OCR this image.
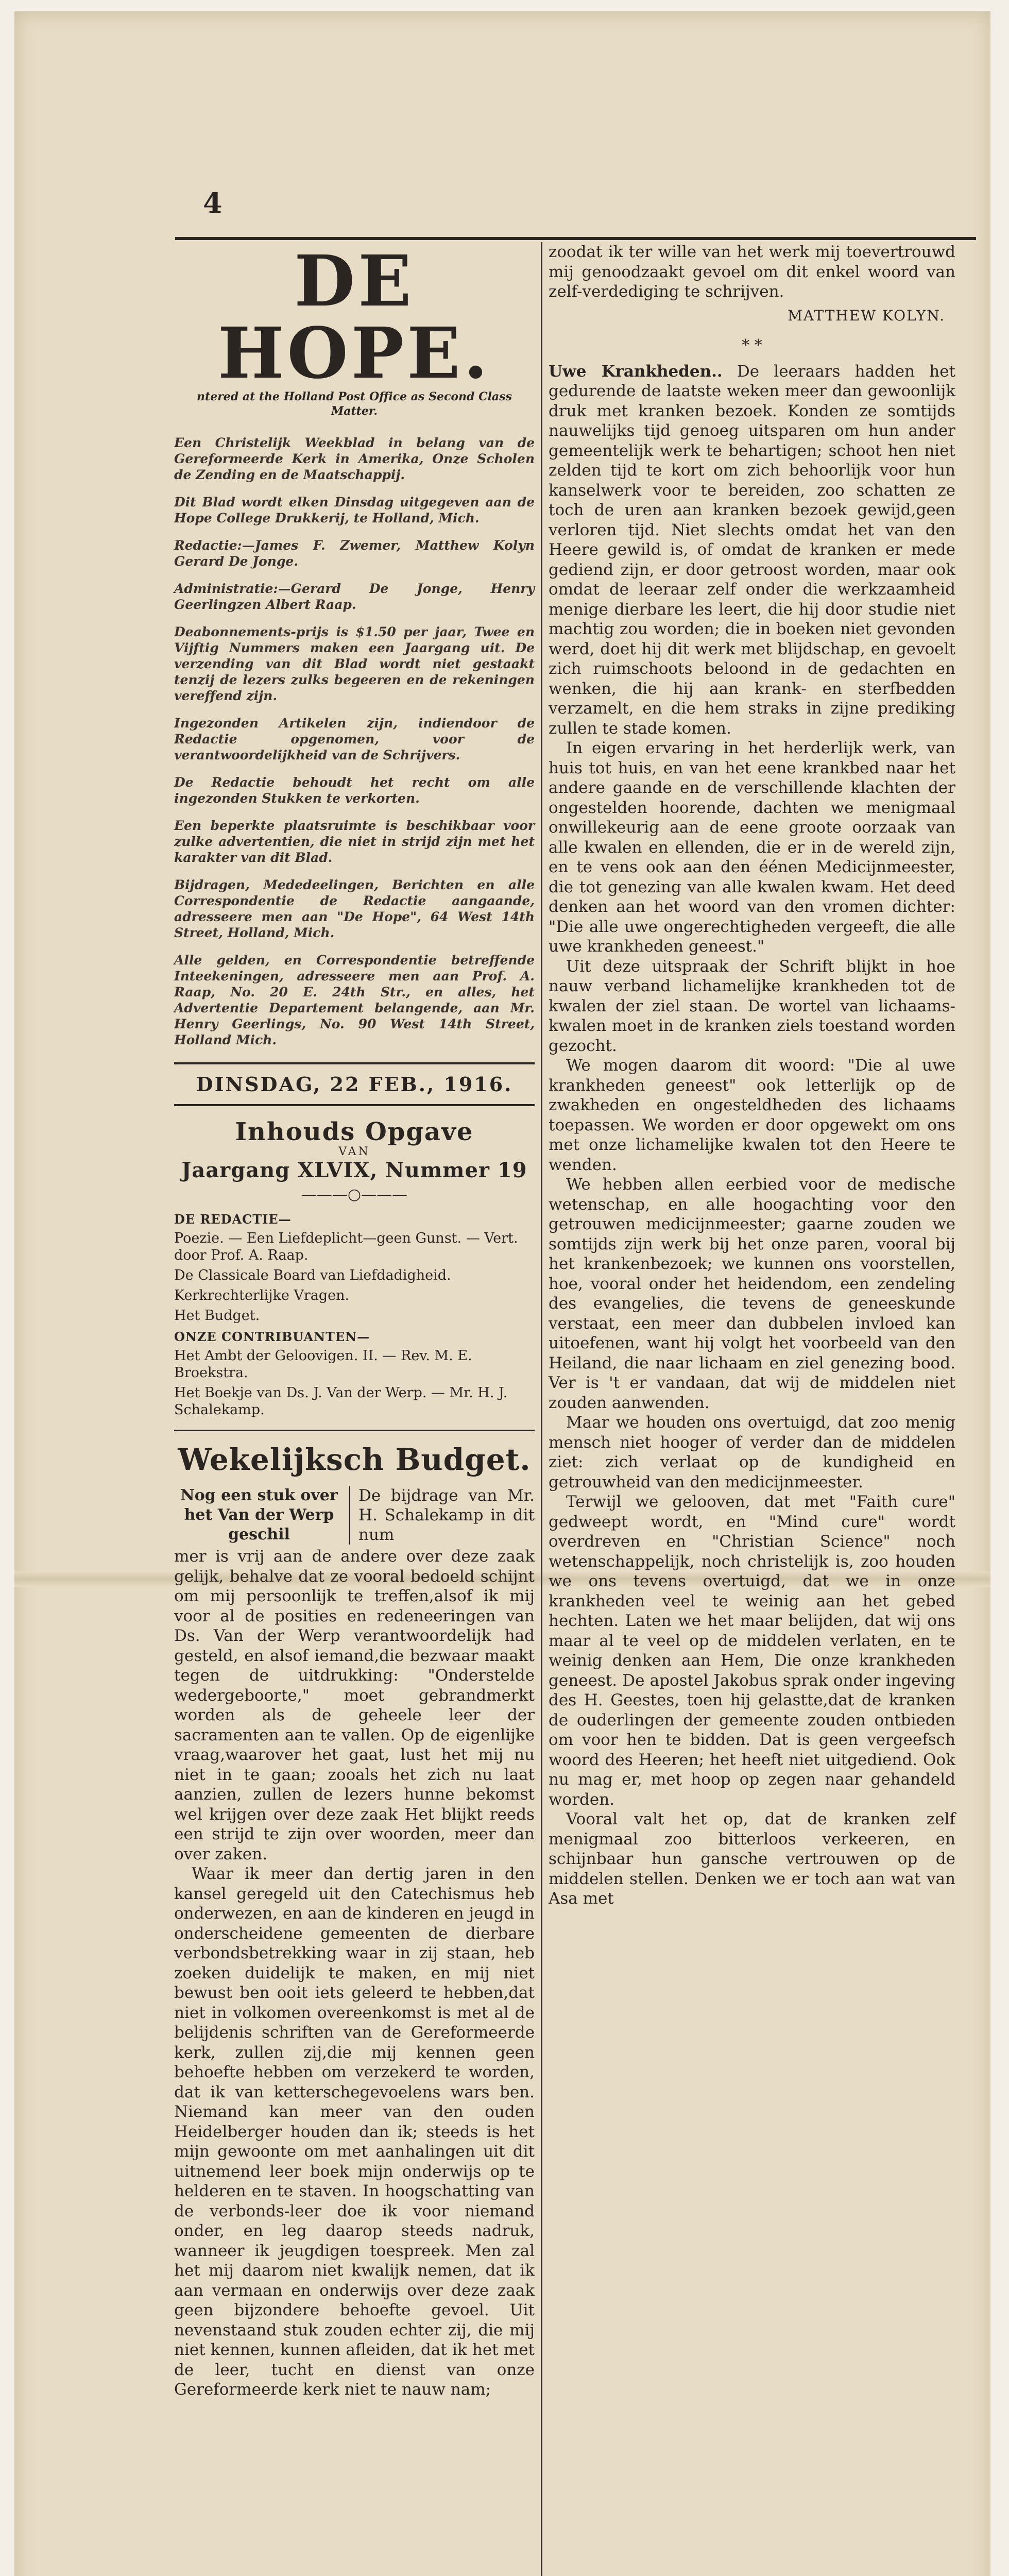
4
DE HOPE.
ntered at the Holland Post Office as Second Class Matter.

Een Christelijk Weekblad in belang van de Gereformeerde Kerk in Amerika, Onze Scholen de Zending en de Maatschappij.

Dit Blad wordt elken Dinsdag uitgegeven aan de Hope College Drukkerij, te Holland, Mich.

Redactie:—James F. Zwemer, Matthew Kolyn Gerard De Jonge.

Administratie:—Gerard De Jonge, Henry Geerlingzen Albert Raap.

Deabonnements-prijs is $1.50 per jaar, Twee en Vijftig Nummers maken een Jaargang uit. De verzending van dit Blad wordt niet gestaakt tenzij de lezers zulks begeeren en de rekeningen vereffend zijn.

Ingezonden Artikelen zijn, indiendoor de Redactie opgenomen, voor de verantwoordelijkheid van de Schrijvers.

De Redactie behoudt het recht om alle ingezonden Stukken te verkorten.

Een beperkte plaatsruimte is beschikbaar voor zulke advertentien, die niet in strijd zijn met het karakter van dit Blad.

Bijdragen, Mededeelingen, Berichten en alle Correspondentie de Redactie aangaande, adresseere men aan "De Hope", 64 West 14th Street, Holland, Mich.

Alle gelden, en Correspondentie betreffende Inteekeningen, adresseere men aan Prof. A. Raap, No. 20 E. 24th Str., en alles, het Advertentie Departement belangende, aan Mr. Henry Geerlings, No. 90 West 14th Street, Holland Mich.

DINSDAG, 22 FEB., 1916.
Inhouds Opgave
VAN
Jaargang XLVIX, Nummer 19
———○———
DE REDACTIE—
Poezie. — Een Liefdeplicht—geen Gunst. — Vert. door Prof. A. Raap.
De Classicale Board van Liefdadigheid.
Kerkrechterlijke Vragen.
Het Budget.
ONZE CONTRIBUANTEN—
Het Ambt der Geloovigen. II. — Rev. M. E. Broekstra.
Het Boekje van Ds. J. Van der Werp. — Mr. H. J. Schalekamp.
Wekelijksch Budget.
Nog een stuk over het Van der Werp geschil
De bijdrage van Mr. H. Schalekamp in dit num

mer is vrij aan de andere over deze zaak gelijk, behalve dat ze vooral bedoeld schijnt om mij persoonlijk te treffen,alsof ik mij voor al de posities en redeneeringen van Ds. Van der Werp verantwoordelijk had gesteld, en alsof iemand,die bezwaar maakt tegen de uitdrukking: "Onderstelde wedergeboorte," moet gebrandmerkt worden als de geheele leer der sacramenten aan te vallen. Op de eigenlijke vraag,waarover het gaat, lust het mij nu niet in te gaan; zooals het zich nu laat aanzien, zullen de lezers hunne bekomst wel krijgen over deze zaak Het blijkt reeds een strijd te zijn over woorden, meer dan over zaken.

Waar ik meer dan dertig jaren in den kansel geregeld uit den Catechismus heb onderwezen, en aan de kinderen en jeugd in onderscheidene gemeenten de dierbare verbondsbetrekking waar in zij staan, heb zoeken duidelijk te maken, en mij niet bewust ben ooit iets geleerd te hebben,dat niet in volkomen overeenkomst is met al de belijdenis schriften van de Gereformeerde kerk, zullen zij,die mij kennen geen behoefte hebben om verzekerd te worden, dat ik van ketterschegevoelens wars ben. Niemand kan meer van den ouden Heidelberger houden dan ik; steeds is het mijn gewoonte om met aanhalingen uit dit uitnemend leer boek mijn onderwijs op te helderen en te staven. In hoogschatting van de verbonds-leer doe ik voor niemand onder, en leg daarop steeds nadruk, wanneer ik jeugdigen toespreek. Men zal het mij daarom niet kwalijk nemen, dat ik aan vermaan en onderwijs over deze zaak geen bijzondere behoefte gevoel. Uit nevenstaand stuk zouden echter zij, die mij niet kennen, kunnen afleiden, dat ik het met de leer, tucht en dienst van onze Gereformeerde kerk niet te nauw nam;

zoodat ik ter wille van het werk mij toevertrouwd mij genoodzaakt gevoel om dit enkel woord van zelf-verdediging te schrijven.

MATTHEW KOLYN.
* *

Uwe Krankheden.. De leeraars hadden het gedurende de laatste weken meer dan gewoonlijk druk met kranken bezoek. Konden ze somtijds nauwelijks tijd genoeg uitsparen om hun ander gemeentelijk werk te behartigen; schoot hen niet zelden tijd te kort om zich behoorlijk voor hun kanselwerk voor te bereiden, zoo schatten ze toch de uren aan kranken bezoek gewijd,geen verloren tijd. Niet slechts omdat het van den Heere gewild is, of omdat de kranken er mede gediend zijn, er door getroost worden, maar ook omdat de leeraar zelf onder die werkzaamheid menige dierbare les leert, die hij door studie niet machtig zou worden; die in boeken niet gevonden werd, doet hij dit werk met blijdschap, en gevoelt zich ruimschoots beloond in de gedachten en wenken, die hij aan krank- en sterfbedden verzamelt, en die hem straks in zijne prediking zullen te stade komen.

In eigen ervaring in het herderlijk werk, van huis tot huis, en van het eene krankbed naar het andere gaande en de verschillende klachten der ongestelden hoorende, dachten we menigmaal onwillekeurig aan de eene groote oorzaak van alle kwalen en ellenden, die er in de wereld zijn, en te vens ook aan den éénen Medicijnmeester, die tot genezing van alle kwalen kwam. Het deed denken aan het woord van den vromen dichter: "Die alle uwe ongerechtigheden vergeeft, die alle uwe krankheden geneest."

Uit deze uitspraak der Schrift blijkt in hoe nauw verband lichamelijke krankheden tot de kwalen der ziel staan. De wortel van lichaams-kwalen moet in de kranken ziels toestand worden gezocht.

We mogen daarom dit woord: "Die al uwe krankheden geneest" ook letterlijk op de zwakheden en ongesteldheden des lichaams toepassen. We worden er door opgewekt om ons met onze lichamelijke kwalen tot den Heere te wenden.

We hebben allen eerbied voor de medische wetenschap, en alle hoogachting voor den getrouwen medicijnmeester; gaarne zouden we somtijds zijn werk bij het onze paren, vooral bij het krankenbezoek; we kunnen ons voorstellen, hoe, vooral onder het heidendom, een zendeling des evangelies, die tevens de geneeskunde verstaat, een meer dan dubbelen invloed kan uitoefenen, want hij volgt het voorbeeld van den Heiland, die naar lichaam en ziel genezing bood. Ver is 't er vandaan, dat wij de middelen niet zouden aanwenden.

Maar we houden ons overtuigd, dat zoo menig mensch niet hooger of verder dan de middelen ziet: zich verlaat op de kundigheid en getrouwheid van den medicijnmeester.

Terwijl we gelooven, dat met "Faith cure" gedweept wordt, en "Mind cure" wordt overdreven en "Christian Science" noch wetenschappelijk, noch christelijk is, zoo houden we ons tevens overtuigd, dat we in onze krankheden veel te weinig aan het gebed hechten. Laten we het maar belijden, dat wij ons maar al te veel op de middelen verlaten, en te weinig denken aan Hem, Die onze krankheden geneest. De apostel Jakobus sprak onder ingeving des H. Geestes, toen hij gelastte,dat de kranken de ouderlingen der gemeente zouden ontbieden om voor hen te bidden. Dat is geen vergeefsch woord des Heeren; het heeft niet uitgediend. Ook nu mag er, met hoop op zegen naar gehandeld worden.

Vooral valt het op, dat de kranken zelf menigmaal zoo bitterloos verkeeren, en schijnbaar hun gansche vertrouwen op de middelen stellen. Denken we er toch aan wat van Asa met
